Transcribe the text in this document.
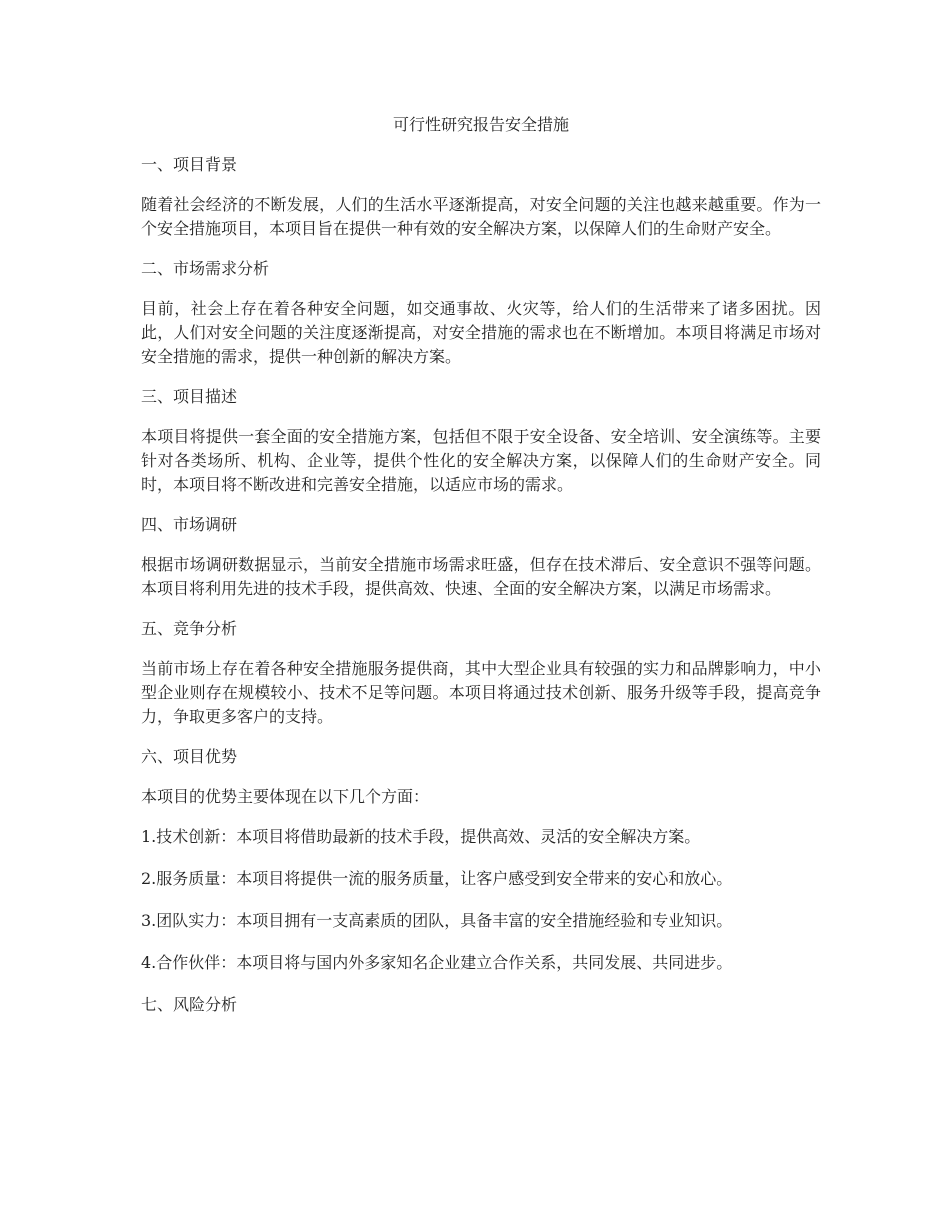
可行性研究报告安全措施
一、项目背景
随着社会经济的不断发展，人们的生活水平逐渐提高，对安全问题的关注也越来越重要。作为一个安全措施项目，本项目旨在提供一种有效的安全解决方案，以保障人们的生命财产安全。
二、市场需求分析
目前，社会上存在着各种安全问题，如交通事故、火灾等，给人们的生活带来了诸多困扰。因此，人们对安全问题的关注度逐渐提高，对安全措施的需求也在不断增加。本项目将满足市场对安全措施的需求，提供一种创新的解决方案。
三、项目描述
本项目将提供一套全面的安全措施方案，包括但不限于安全设备、安全培训、安全演练等。主要针对各类场所、机构、企业等，提供个性化的安全解决方案，以保障人们的生命财产安全。同时，本项目将不断改进和完善安全措施，以适应市场的需求。
四、市场调研
根据市场调研数据显示，当前安全措施市场需求旺盛，但存在技术滞后、安全意识不强等问题。本项目将利用先进的技术手段，提供高效、快速、全面的安全解决方案，以满足市场需求。
五、竞争分析
当前市场上存在着各种安全措施服务提供商，其中大型企业具有较强的实力和品牌影响力，中小型企业则存在规模较小、技术不足等问题。本项目将通过技术创新、服务升级等手段，提高竞争力，争取更多客户的支持。
六、项目优势
本项目的优势主要体现在以下几个方面：
1.技术创新：本项目将借助最新的技术手段，提供高效、灵活的安全解决方案。
2.服务质量：本项目将提供一流的服务质量，让客户感受到安全带来的安心和放心。
3.团队实力：本项目拥有一支高素质的团队，具备丰富的安全措施经验和专业知识。
4.合作伙伴：本项目将与国内外多家知名企业建立合作关系，共同发展、共同进步。
七、风险分析
